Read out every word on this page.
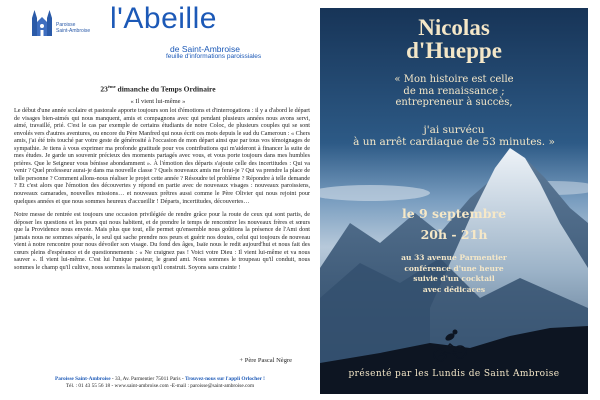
Paroisse
Saint-Ambroise l'Abeille
de Saint-Ambroise
feuille d'informations paroissiales
23ème dimanche du Temps Ordinaire
« Il vient lui-même »

Le début d'une année scolaire et pastorale apporte toujours son lot d'émotions et d'interrogations : il y a d'abord le départ de visages bien-aimés qui nous manquent, amis et compagnons avec qui pendant plusieurs années nous avons servi, aimé, travaillé, prié. C'est le cas par exemple de certains étudiants de notre Coloc, de plusieurs couples qui se sont envolés vers d'autres aventures, ou encore du Père Manfred qui nous écrit ces mots depuis le sud du Cameroun : « Chers amis, j'ai été très touché par votre geste de générosité à l'occasion de mon départ ainsi que par tous vos témoignages de sympathie. Je tiens à vous exprimer ma profonde gratitude pour vos contributions qui m'aideront à financer la suite de mes études. Je garde un souvenir précieux des moments partagés avec vous, et vous porte toujours dans mes humbles prières. Que le Seigneur vous bénisse abondamment ». À l'émotion des départs s'ajoute celle des incertitudes : Qui va venir ? Quel professeur aurai-je dans ma nouvelle classe ? Quels nouveaux amis me ferai-je ? Qui va prendre la place de telle personne ? Comment allons-nous réaliser le projet cette année ? Résoudre tel problème ? Répondre à telle demande ? Et c'est alors que l'émotion des découvertes y répond en partie avec de nouveaux visages : nouveaux paroissiens, nouveaux camarades, nouvelles missions… et nouveaux prêtres aussi comme le Père Olivier qui nous rejoint pour quelques années et que nous sommes heureux d'accueillir ! Départs, incertitudes, découvertes…

Notre messe de rentrée est toujours une occasion privilégiée de rendre grâce pour la route de ceux qui sont partis, de déposer les questions et les peurs qui nous habitent, et de prendre le temps de rencontrer les nouveaux frères et sœurs que la Providence nous envoie. Mais plus que tout, elle permet qu'ensemble nous goûtions la présence de l'Ami dont jamais nous ne sommes séparés, le seul qui sache prendre nos peurs et guérir nos doutes, celui qui toujours de nouveau vient à notre rencontre pour nous dévoiler son visage. Du fond des âges, Isaïe nous le redit aujourd'hui et nous fait des cœurs pleins d'espérance et de questionnements : « Ne craignez pas ! Voici votre Dieu : Il vient lui-même et va nous sauver ». Il vient lui-même. C'est lui l'unique pasteur, le grand ami. Nous sommes le troupeau qu'il conduit, nous sommes le champ qu'il cultive, nous sommes la maison qu'il construit. Soyons sans crainte !

+ Père Pascal Nègre
Paroisse Saint-Ambroise - 33, Av. Parmentier 75011 Paris - Trouvez-nous sur l'appli Orlocher !
Tél. : 01 43 55 56 18 - www.saint-ambroise.com -E-mail : paroisse@saint-ambroise.com
Nicolas
d'Hueppe
« Mon histoire est celle
de ma renaissance ;
entrepreneur à succès,
j'ai survécu
à un arrêt cardiaque de 53 minutes. »
le 9 septembre
20h - 21h
au 33 avenue Parmentier
conférence d'une heure
suivie d'un cocktail
avec dédicaces
présenté par les Lundis de Saint Ambroise
